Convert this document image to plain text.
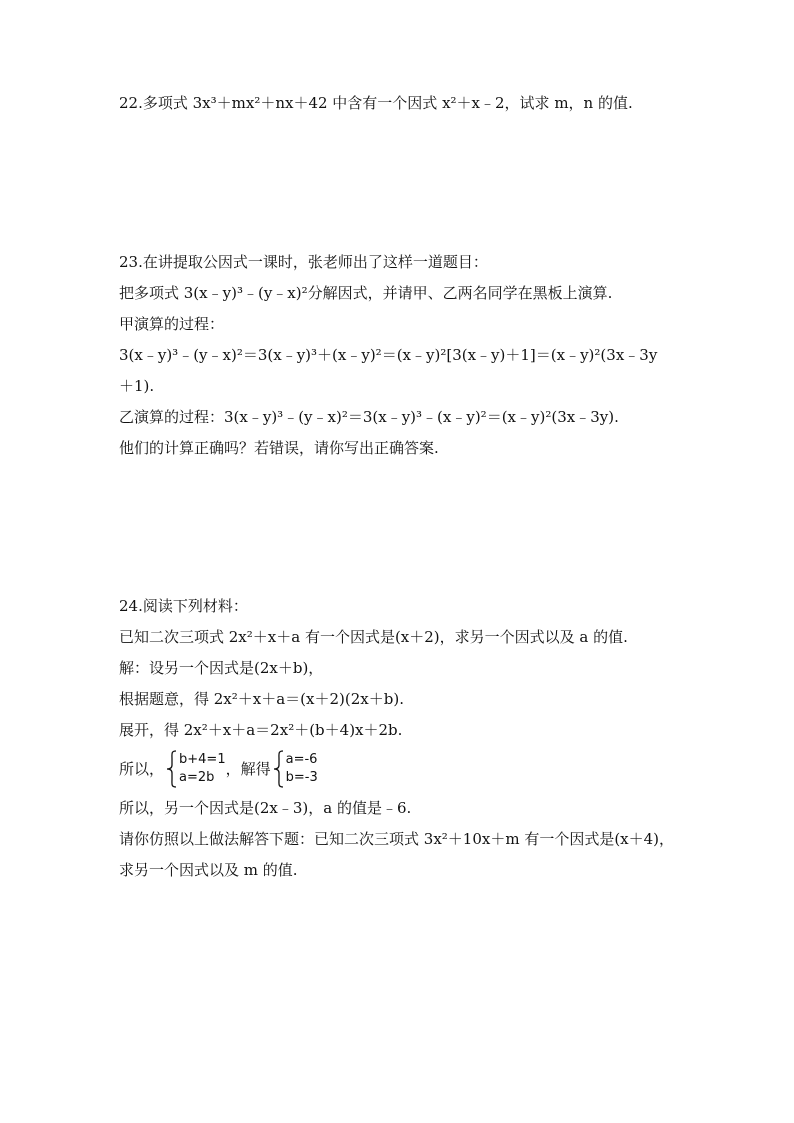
22.多项式 3x³＋mx²＋nx＋42 中含有一个因式 x²＋x﹣2，试求 m，n 的值.
23.在讲提取公因式一课时，张老师出了这样一道题目：
把多项式 3(x﹣y)³﹣(y﹣x)²分解因式，并请甲、乙两名同学在黑板上演算.
甲演算的过程：
3(x﹣y)³﹣(y﹣x)²＝3(x﹣y)³＋(x﹣y)²＝(x﹣y)²[3(x﹣y)＋1]＝(x﹣y)²(3x﹣3y
＋1).
乙演算的过程：3(x﹣y)³﹣(y﹣x)²＝3(x﹣y)³﹣(x﹣y)²＝(x﹣y)²(3x﹣3y).
他们的计算正确吗？若错误，请你写出正确答案.
24.阅读下列材料：
已知二次三项式 2x²＋x＋a 有一个因式是(x＋2)，求另一个因式以及 a 的值.
解：设另一个因式是(2x＋b)，
根据题意，得 2x²＋x＋a＝(x＋2)(2x＋b).
展开，得 2x²＋x＋a＝2x²＋(b＋4)x＋2b.
所以，
b+4=1
a=2b ，解得
a=-6
b=-3
所以，另一个因式是(2x﹣3)，a 的值是﹣6.
请你仿照以上做法解答下题：已知二次三项式 3x²＋10x＋m 有一个因式是(x＋4)，
求另一个因式以及 m 的值.
